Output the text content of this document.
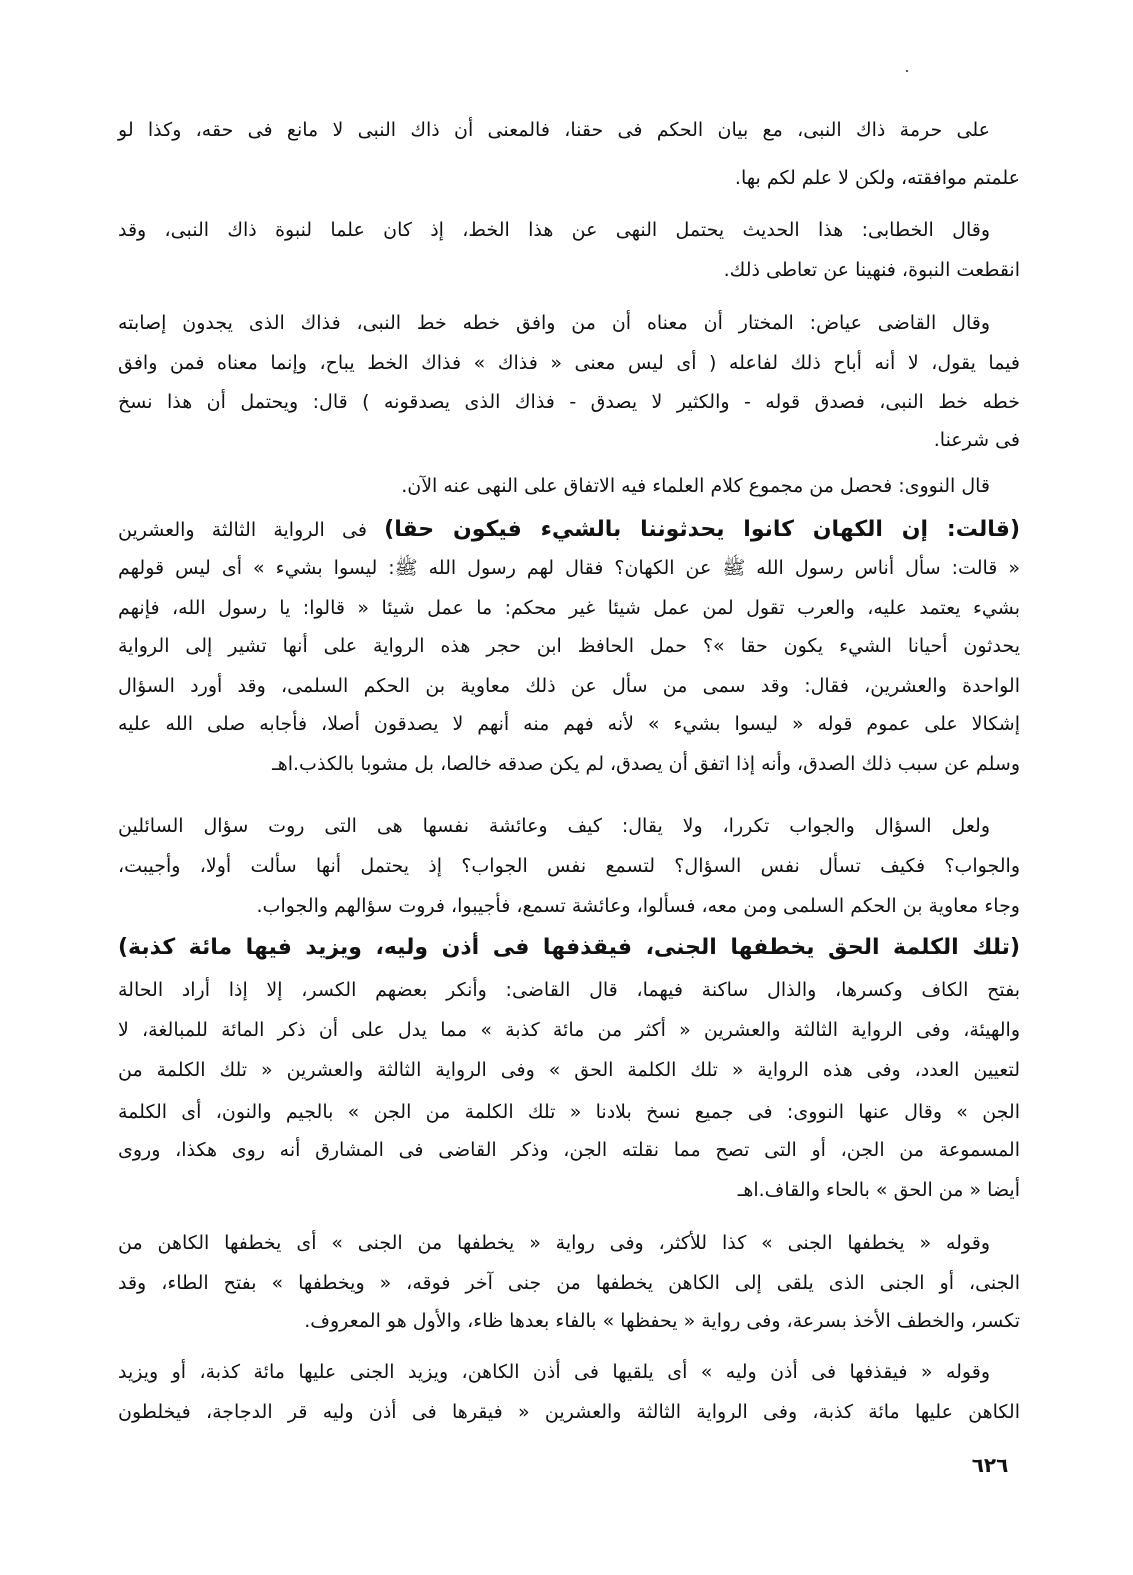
٦٢٦
على حرمة ذاك النبى، مع بيان الحكم فى حقنا، فالمعنى أن ذاك النبى لا مانع فى حقه، وكذا لو
علمتم موافقته، ولكن لا علم لكم بها.
وقال الخطابى: هذا الحديث يحتمل النهى عن هذا الخط، إذ كان علما لنبوة ذاك النبى، وقد
انقطعت النبوة، فنهينا عن تعاطى ذلك.
وقال القاضى عياض: المختار أن معناه أن من وافق خطه خط النبى، فذاك الذى يجدون إصابته
فيما يقول، لا أنه أباح ذلك لفاعله ( أى ليس معنى « فذاك » فذاك الخط يباح، وإنما معناه فمن وافق
خطه خط النبى، فصدق قوله - والكثير لا يصدق - فذاك الذى يصدقونه ) قال: ويحتمل أن هذا نسخ
فى شرعنا.
قال النووى: فحصل من مجموع كلام العلماء فيه الاتفاق على النهى عنه الآن.
(قالت: إن الكهان كانوا يحدثوننا بالشيء فيكون حقا) فى الرواية الثالثة والعشرين
« قالت: سأل أناس رسول الله ﷺ عن الكهان؟ فقال لهم رسول الله ﷺ: ليسوا بشيء » أى ليس قولهم
بشيء يعتمد عليه، والعرب تقول لمن عمل شيئا غير محكم: ما عمل شيئا « قالوا: يا رسول الله، فإنهم
يحدثون أحيانا الشيء يكون حقا »؟ حمل الحافظ ابن حجر هذه الرواية على أنها تشير إلى الرواية
الواحدة والعشرين، فقال: وقد سمى من سأل عن ذلك معاوية بن الحكم السلمى، وقد أورد السؤال
إشكالا على عموم قوله « ليسوا بشيء » لأنه فهم منه أنهم لا يصدقون أصلا، فأجابه صلى الله عليه
وسلم عن سبب ذلك الصدق، وأنه إذا اتفق أن يصدق، لم يكن صدقه خالصا، بل مشوبا بالكذب.اهـ
ولعل السؤال والجواب تكررا، ولا يقال: كيف وعائشة نفسها هى التى روت سؤال السائلين
والجواب؟ فكيف تسأل نفس السؤال؟ لتسمع نفس الجواب؟ إذ يحتمل أنها سألت أولا، وأجيبت،
وجاء معاوية بن الحكم السلمى ومن معه، فسألوا، وعائشة تسمع، فأجيبوا، فروت سؤالهم والجواب.
(تلك الكلمة الحق يخطفها الجنى، فيقذفها فى أذن وليه، ويزيد فيها مائة كذبة)
بفتح الكاف وكسرها، والذال ساكنة فيهما، قال القاضى: وأنكر بعضهم الكسر، إلا إذا أراد الحالة
والهيئة، وفى الرواية الثالثة والعشرين « أكثر من مائة كذبة » مما يدل على أن ذكر المائة للمبالغة، لا
لتعيين العدد، وفى هذه الرواية « تلك الكلمة الحق » وفى الرواية الثالثة والعشرين « تلك الكلمة من
الجن » وقال عنها النووى: فى جميع نسخ بلادنا « تلك الكلمة من الجن » بالجيم والنون، أى الكلمة
المسموعة من الجن، أو التى تصح مما نقلته الجن، وذكر القاضى فى المشارق أنه روى هكذا، وروى
أيضا « من الحق » بالحاء والقاف.اهـ
وقوله « يخطفها الجنى » كذا للأكثر، وفى رواية « يخطفها من الجنى » أى يخطفها الكاهن من
الجنى، أو الجنى الذى يلقى إلى الكاهن يخطفها من جنى آخر فوقه، « ويخطفها » بفتح الطاء، وقد
تكسر، والخطف الأخذ بسرعة، وفى رواية « يحفظها » بالفاء بعدها ظاء، والأول هو المعروف.
وقوله « فيقذفها فى أذن وليه » أى يلقيها فى أذن الكاهن، ويزيد الجنى عليها مائة كذبة، أو ويزيد
الكاهن عليها مائة كذبة، وفى الرواية الثالثة والعشرين « فيقرها فى أذن وليه قر الدجاجة، فيخلطون
